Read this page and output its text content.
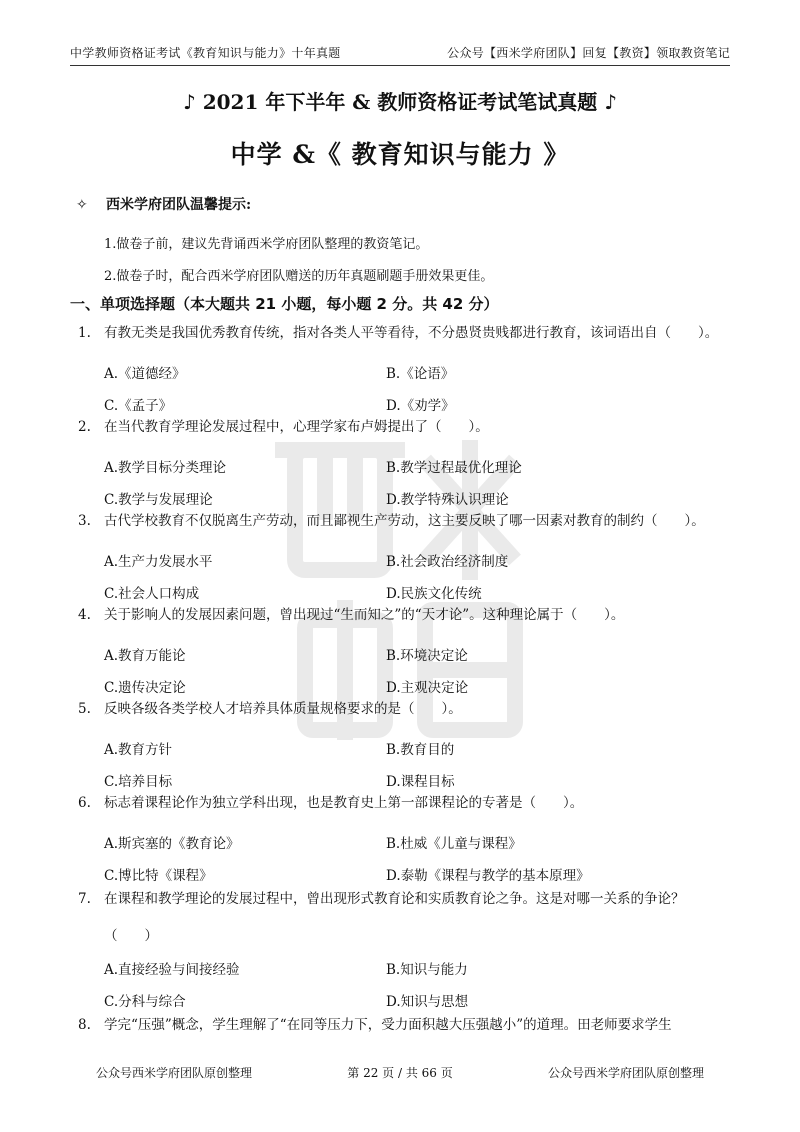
中学教师资格证考试《教育知识与能力》十年真题	公众号【西米学府团队】回复【教资】领取教资笔记
♪ 2021 年下半年 & 教师资格证考试笔试真题 ♪
中学 &《 教育知识与能力 》
✧ 西米学府团队温馨提示:
1.做卷子前，建议先背诵西米学府团队整理的教资笔记。
2.做卷子时，配合西米学府团队赠送的历年真题刷题手册效果更佳。
一、单项选择题（本大题共 21 小题，每小题 2 分。共 42 分）
1. 有教无类是我国优秀教育传统，指对各类人平等看待，不分愚贤贵贱都进行教育，该词语出自（　　）。
A.《道德经》	B.《论语》
C.《孟子》	D.《劝学》
2. 在当代教育学理论发展过程中，心理学家布卢姆提出了（　　）。
A.教学目标分类理论	B.教学过程最优化理论
C.教学与发展理论	D.教学特殊认识理论
3. 古代学校教育不仅脱离生产劳动，而且鄙视生产劳动，这主要反映了哪一因素对教育的制约（　　）。
A.生产力发展水平	B.社会政治经济制度
C.社会人口构成	D.民族文化传统
4. 关于影响人的发展因素问题，曾出现过“生而知之”的“天才论”。这种理论属于（　　）。
A.教育万能论	B.环境决定论
C.遗传决定论	D.主观决定论
5. 反映各级各类学校人才培养具体质量规格要求的是（　　）。
A.教育方针	B.教育目的
C.培养目标	D.课程目标
6. 标志着课程论作为独立学科出现，也是教育史上第一部课程论的专著是（　　）。
A.斯宾塞的《教育论》	B.杜威《儿童与课程》
C.博比特《课程》	D.泰勒《课程与教学的基本原理》
7. 在课程和教学理论的发展过程中，曾出现形式教育论和实质教育论之争。这是对哪一关系的争论？
（　　）
A.直接经验与间接经验	B.知识与能力
C.分科与综合	D.知识与思想
8. 学完“压强”概念，学生理解了“在同等压力下，受力面积越大压强越小”的道理。田老师要求学生
公众号西米学府团队原创整理	第 22 页 / 共 66 页	公众号西米学府团队原创整理
